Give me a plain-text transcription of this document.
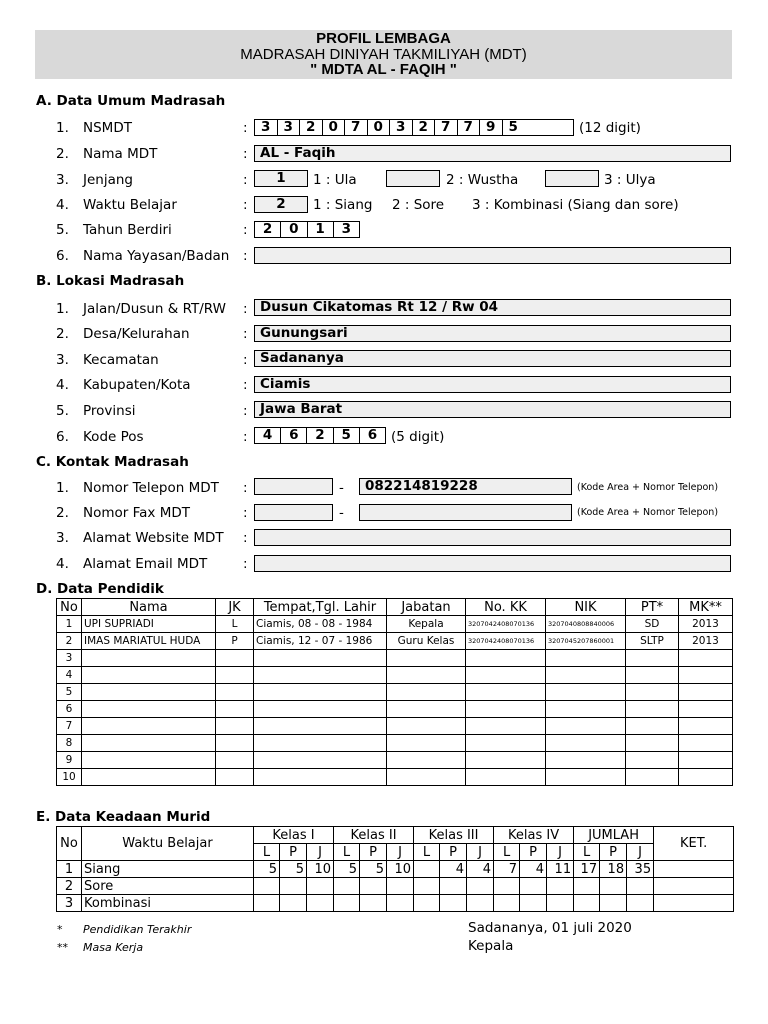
PROFIL LEMBAGA
MADRASAH DINIYAH TAKMILIYAH (MDT)
" MDTA AL - FAQIH "
A. Data Umum Madrasah
1. NSMDT	: 3 3 2 0 7 0 3 2 7 7 9 5	(12 digit)
2. Nama MDT	: AL - Faqih
3. Jenjang	:	1	1 : Ula	2 : Wustha	3 : Ulya
4. Waktu Belajar	:	2	1 : Siang 2 : Sore 3 : Kombinasi (Siang dan sore)
5. Tahun Berdiri	:	2	0	1	3
6. Nama Yayasan/Badan :
B. Lokasi Madrasah
1. Jalan/Dusun & RT/RW : Dusun Cikatomas Rt 12 / Rw 04
2. Desa/Kelurahan	: Gunungsari
3. Kecamatan	: Sadananya
4. Kabupaten/Kota	: Ciamis
5. Provinsi	: Jawa Barat
6. Kode Pos	:	4	6	2	5	6	(5 digit)
C. Kontak Madrasah
1. Nomor Telepon MDT :	-	082214819228	(Kode Area + Nomor Telepon)
2. Nomor Fax MDT	:	-	(Kode Area + Nomor Telepon)
3. Alamat Website MDT :
4. Alamat Email MDT	:
D. Data Pendidik
No	Nama	JK	Tempat,Tgl. Lahir	Jabatan	No. KK	NIK	PT*	MK**
1	UPI SUPRIADI	L	Ciamis, 08 - 08 - 1984	Kepala	3207042408070136	3207040808840006	SD	2013
2	IMAS MARIATUL HUDA	P	Ciamis, 12 - 07 - 1986	Guru Kelas	3207042408070136	3207045207860001	SLTP	2013
3								
4								
5								
6								
7								
8								
9								
10								
E. Data Keadaan Murid
No	Waktu Belajar	Kelas I			Kelas II			Kelas III			Kelas IV			JUMLAH			KET.
		L	P	J	L	P	J	L	P	J	L	P	J	L	P	J	
1	Siang	5	5	10	5	5	10		4	4	7	4	11	17	18	35	
2	Sore																
3	Kombinasi																
* Pendidikan Terakhir
** Masa Kerja
Sadananya, 01 juli 2020
Kepala
